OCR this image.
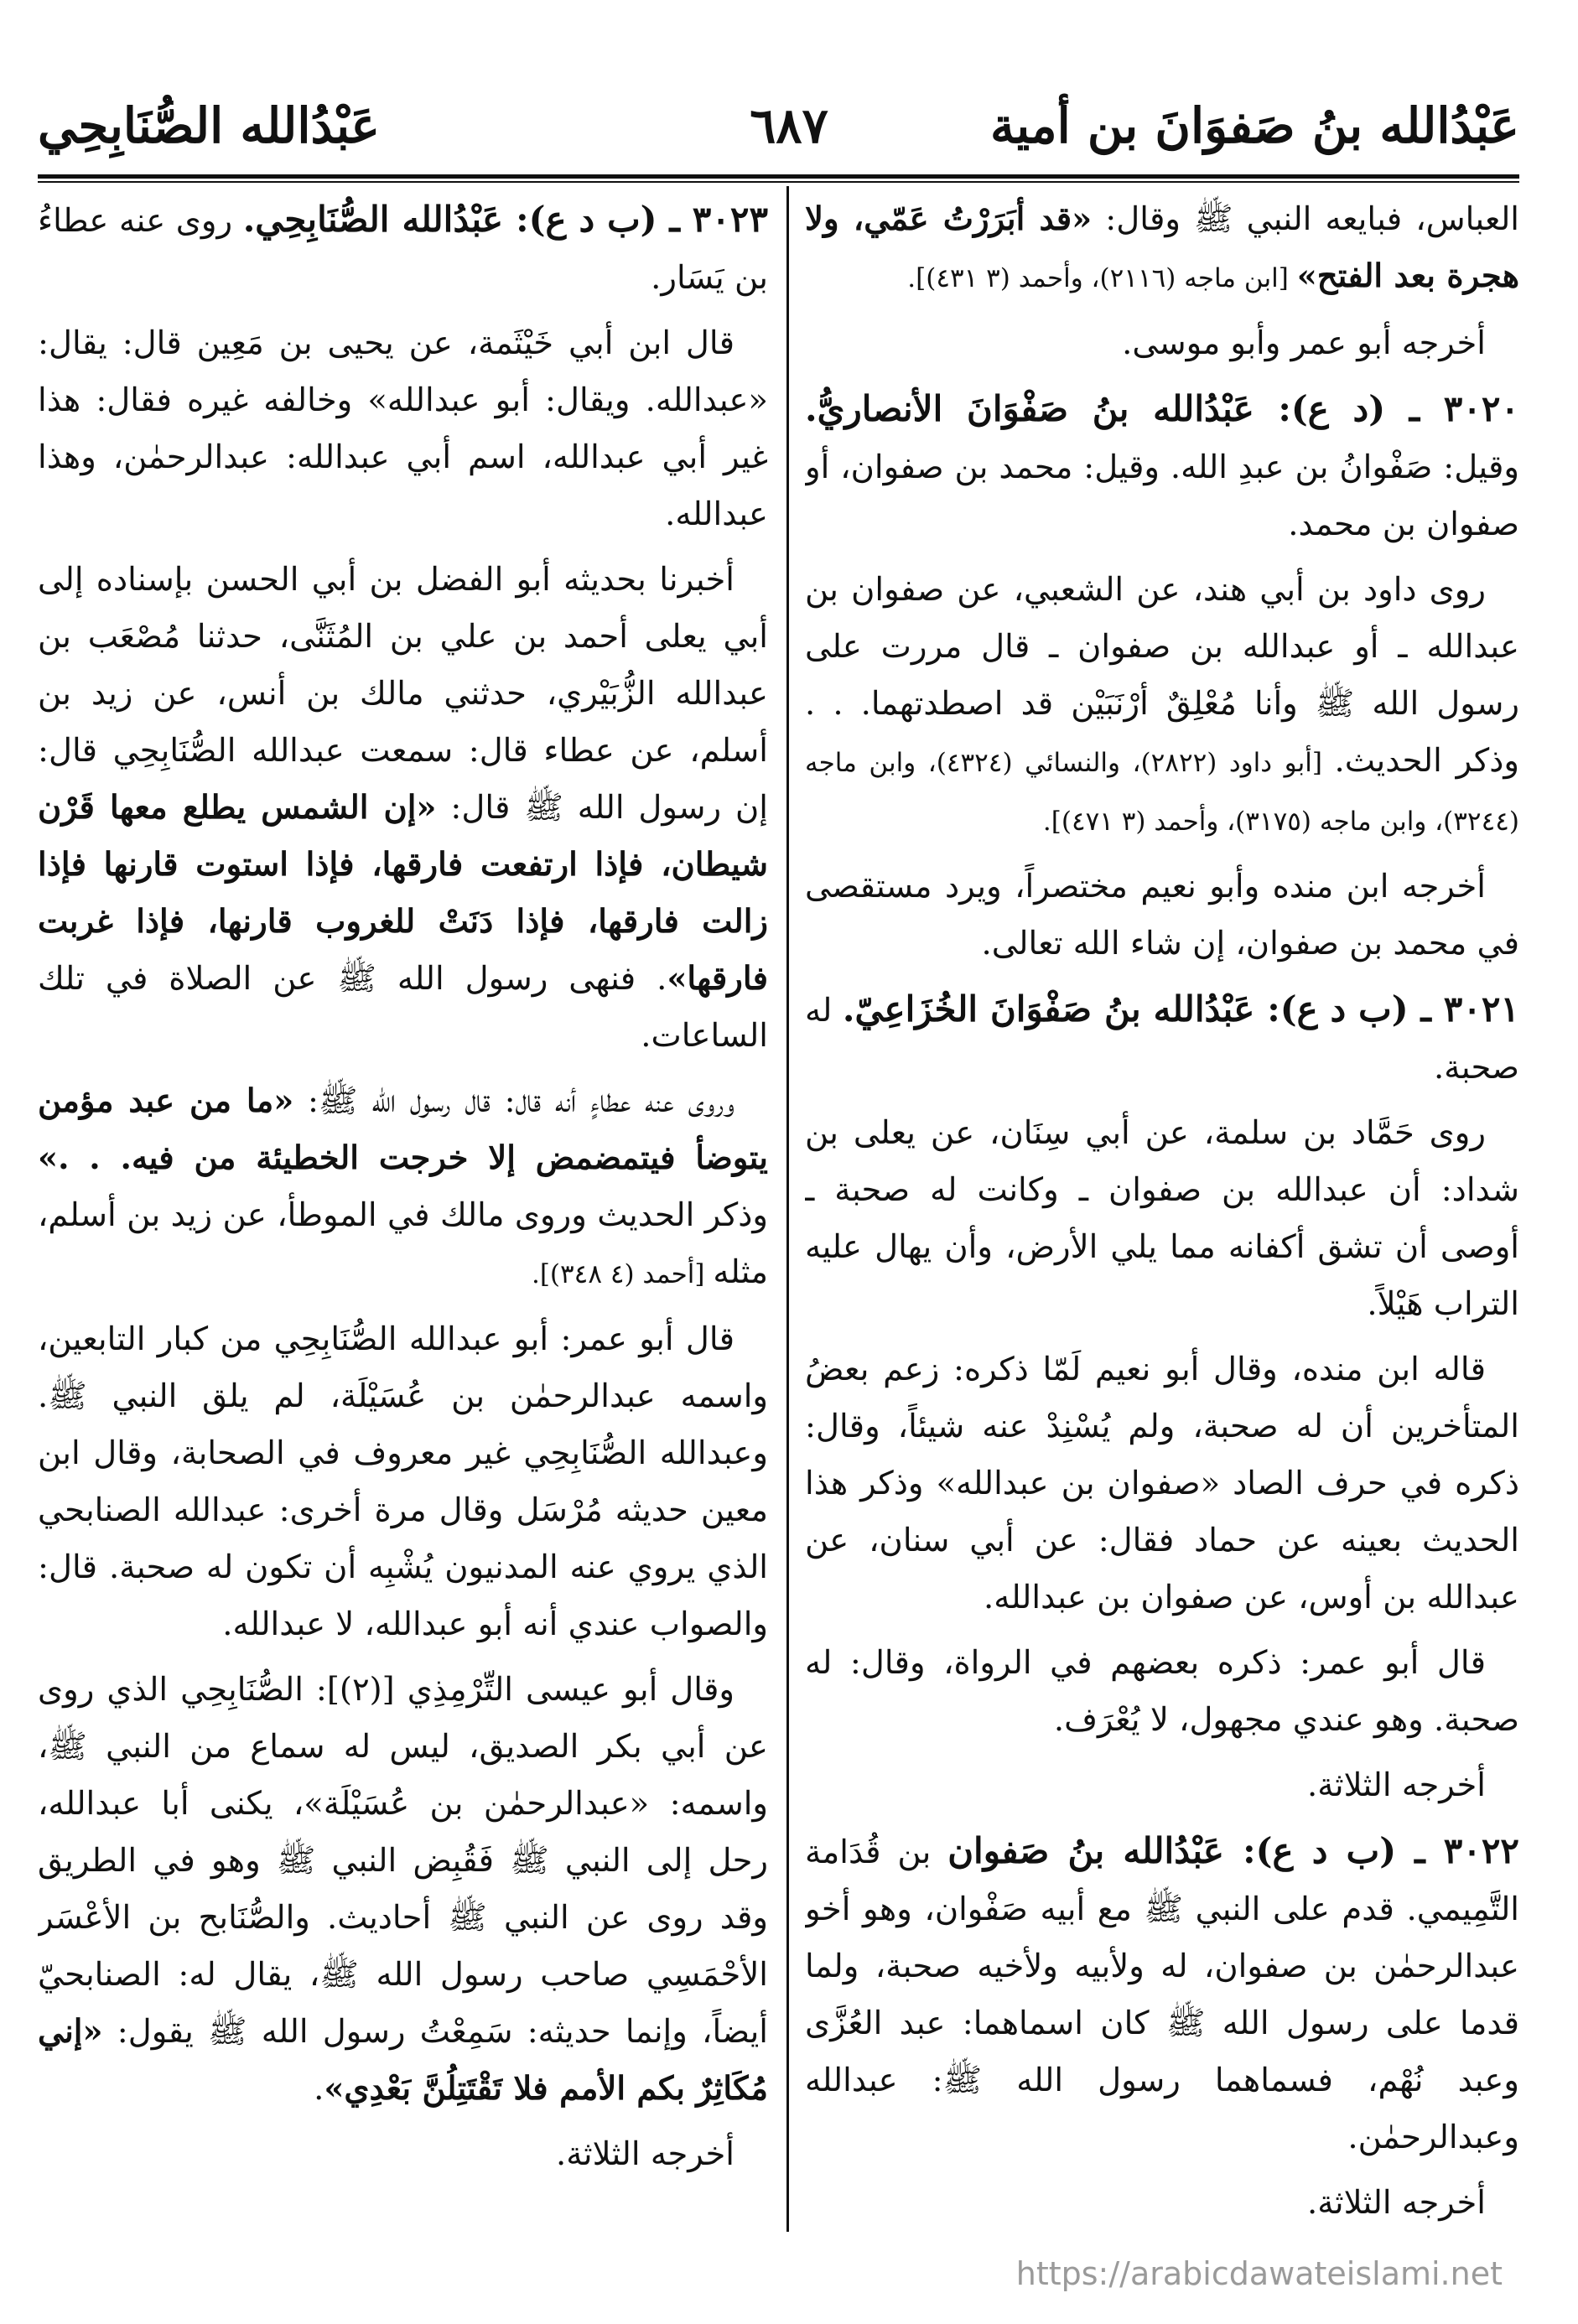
عَبْدُالله بنُ صَفوَانَ بن أمية
٦٨٧
عَبْدُالله الصُّنَابِحِي

العباس، فبايعه النبي ﷺ وقال: «قد أبَرَرْتُ عَمّي، ولا هجرة بعد الفتح» [ابن ماجه (٢١١٦)، وأحمد (٣ ٤٣١)].

أخرجه أبو عمر وأبو موسى.

٣٠٢٠ ـ (د ع): عَبْدُالله بنُ صَفْوَانَ الأنصاريُّ. وقيل: صَفْوانُ بن عبدِ الله. وقيل: محمد بن صفوان، أو صفوان بن محمد.

روى داود بن أبي هند، عن الشعبي، عن صفوان بن عبدالله ـ أو عبدالله بن صفوان ـ قال مررت على رسول الله ﷺ وأنا مُعْلِقٌ أرْنَبَيْن قد اصطدتهما. . . وذكر الحديث. [أبو داود (٢٨٢٢)، والنسائي (٤٣٢٤)، وابن ماجه (٣٢٤٤)، وابن ماجه (٣١٧٥)، وأحمد (٣ ٤٧١)].

أخرجه ابن منده وأبو نعيم مختصراً، ويرد مستقصى في محمد بن صفوان، إن شاء الله تعالى.

٣٠٢١ ـ (ب د ع): عَبْدُالله بنُ صَفْوَانَ الخُزَاعِيّ. له صحبة.

روى حَمَّاد بن سلمة، عن أبي سِنَان، عن يعلى بن شداد: أن عبدالله بن صفوان ـ وكانت له صحبة ـ أوصى أن تشق أكفانه مما يلي الأرض، وأن يهال عليه التراب هَيْلاً.

قاله ابن منده، وقال أبو نعيم لَمّا ذكره: زعم بعضُ المتأخرين أن له صحبة، ولم يُسْنِدْ عنه شيئاً، وقال: ذكره في حرف الصاد «صفوان بن عبدالله» وذكر هذا الحديث بعينه عن حماد فقال: عن أبي سنان، عن عبدالله بن أوس، عن صفوان بن عبدالله.

قال أبو عمر: ذكره بعضهم في الرواة، وقال: له صحبة. وهو عندي مجهول، لا يُعْرَف.

أخرجه الثلاثة.

٣٠٢٢ ـ (ب د ع): عَبْدُالله بنُ صَفوان بن قُدَامة التَّمِيمي. قدم على النبي ﷺ مع أبيه صَفْوان، وهو أخو عبدالرحمٰن بن صفوان، له ولأبيه ولأخيه صحبة، ولما قدما على رسول الله ﷺ كان اسماهما: عبد العُزَّى وعبد نُهْم، فسماهما رسول الله ﷺ: عبدالله وعبدالرحمٰن.

أخرجه الثلاثة.

٣٠٢٣ ـ (ب د ع): عَبْدُالله الصُّنَابِحِي. روى عنه عطاءُ بن يَسَار.

قال ابن أبي خَيْثَمة، عن يحيى بن مَعِين قال: يقال: «عبدالله. ويقال: أبو عبدالله» وخالفه غيره فقال: هذا غير أبي عبدالله، اسم أبي عبدالله: عبدالرحمٰن، وهذا عبدالله.

أخبرنا بحديثه أبو الفضل بن أبي الحسن بإسناده إلى أبي يعلى أحمد بن علي بن المُثَنَّى، حدثنا مُصْعَب بن عبدالله الزُّبَيْري، حدثني مالك بن أنس، عن زيد بن أسلم، عن عطاء قال: سمعت عبدالله الصُّنَابِحِي قال: إن رسول الله ﷺ قال: «إن الشمس يطلع معها قَرْن شيطان، فإذا ارتفعت فارقها، فإذا استوت قارنها فإذا زالت فارقها، فإذا دَنَتْ للغروب قارنها، فإذا غربت فارقها». فنهى رسول الله ﷺ عن الصلاة في تلك الساعات.

وروى عنه عطاءٍ أنه قال: قال رسول الله ﷺ: «ما من عبد مؤمن يتوضأ فيتمضمض إلا خرجت الخطيئة من فيه. . .» وذكر الحديث وروى مالك في الموطأ، عن زيد بن أسلم، مثله [أحمد (٤ ٣٤٨)].

قال أبو عمر: أبو عبدالله الصُّنَابِحِي من كبار التابعين، واسمه عبدالرحمٰن بن عُسَيْلَة، لم يلق النبي ﷺ. وعبدالله الصُّنَابِحِي غير معروف في الصحابة، وقال ابن معين حديثه مُرْسَل وقال مرة أخرى: عبدالله الصنابحي الذي يروي عنه المدنيون يُشْبِه أن تكون له صحبة. قال: والصواب عندي أنه أبو عبدالله، لا عبدالله.

وقال أبو عيسى التِّرْمِذِي [(٢)]: الصُّنَابِحِي الذي روى عن أبي بكر الصديق، ليس له سماع من النبي ﷺ، واسمه: «عبدالرحمٰن بن عُسَيْلَة»، يكنى أبا عبدالله، رحل إلى النبي ﷺ فَقُبِض النبي ﷺ وهو في الطريق وقد روى عن النبي ﷺ أحاديث. والصُّنَابح بن الأعْسَر الأحْمَسِي صاحب رسول الله ﷺ، يقال له: الصنابحيّ أيضاً، وإنما حديثه: سَمِعْتُ رسول الله ﷺ يقول: «إني مُكَاثِرٌ بكم الأمم فلا تَقْتَتِلُنَّ بَعْدِي».

أخرجه الثلاثة.

https://arabicdawateislami.net
